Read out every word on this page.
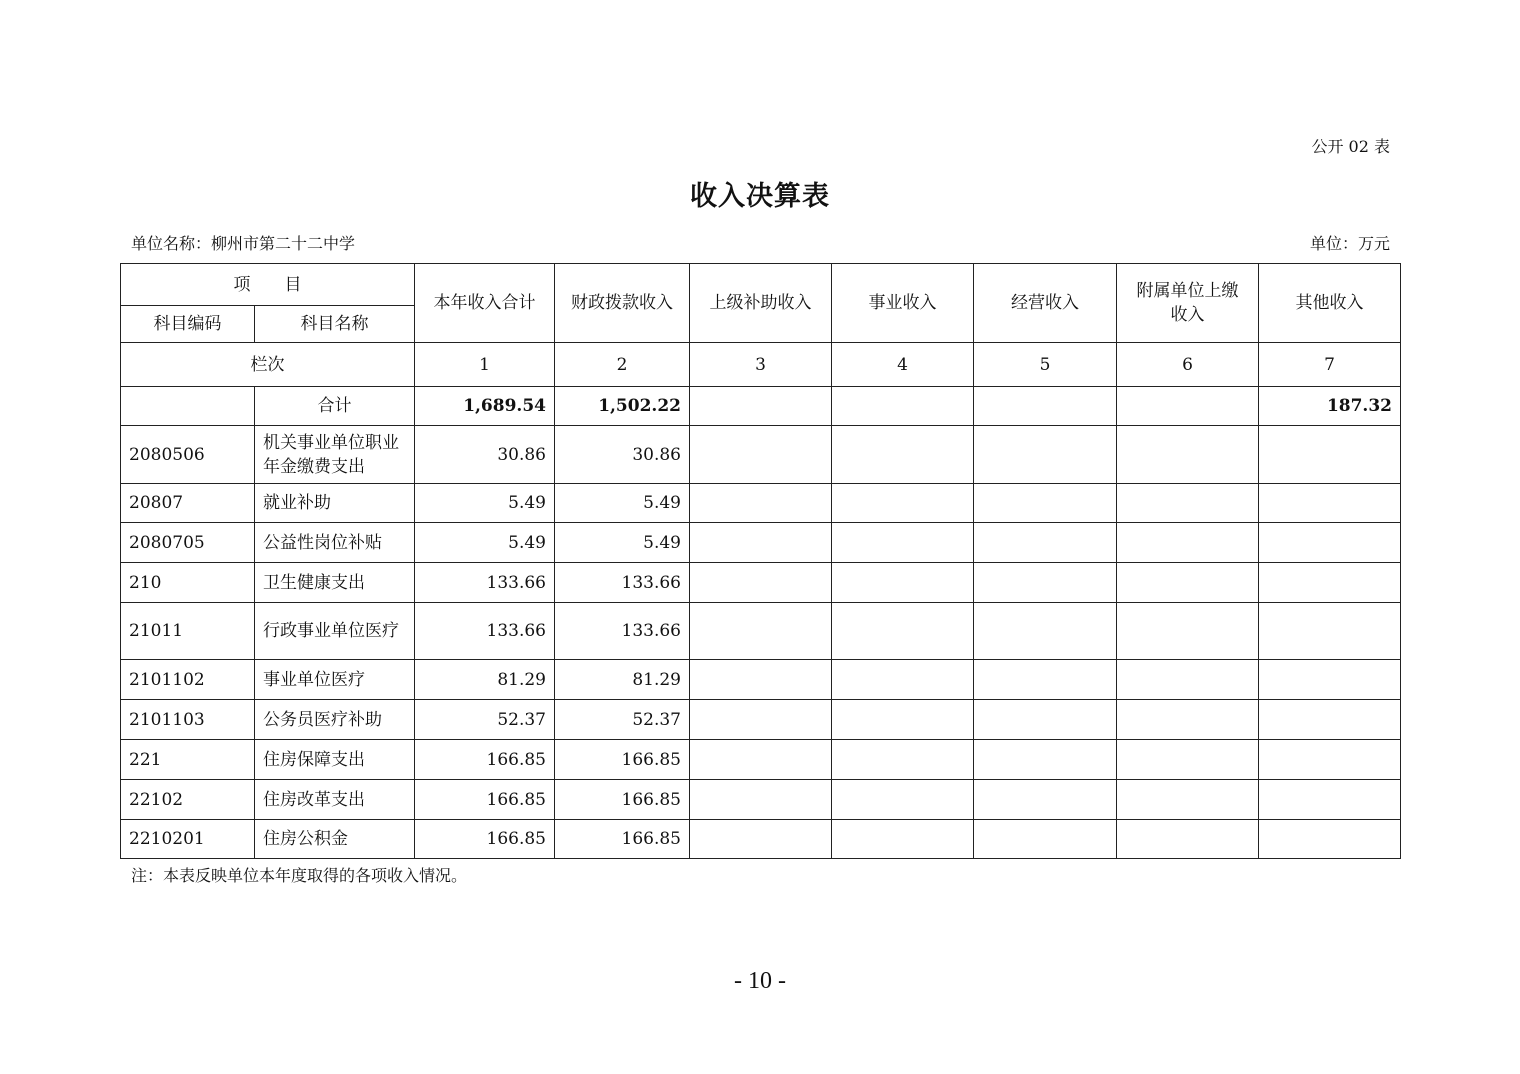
公开 02 表
收入决算表
单位名称：柳州市第二十二中学	单位：万元
项　　目		本年收入合计	财政拨款收入	上级补助收入	事业收入	经营收入	附属单位上缴收入	其他收入
科目编码	科目名称							
栏次		1	2	3	4	5	6	7
	合计	1,689.54	1,502.22					187.32
2080506	机关事业单位职业年金缴费支出	30.86	30.86					
20807	就业补助	5.49	5.49					
2080705	公益性岗位补贴	5.49	5.49					
210	卫生健康支出	133.66	133.66					
21011	行政事业单位医疗	133.66	133.66					
2101102	事业单位医疗	81.29	81.29					
2101103	公务员医疗补助	52.37	52.37					
221	住房保障支出	166.85	166.85					
22102	住房改革支出	166.85	166.85					
2210201	住房公积金	166.85	166.85					
注：本表反映单位本年度取得的各项收入情况。
- 10 -
